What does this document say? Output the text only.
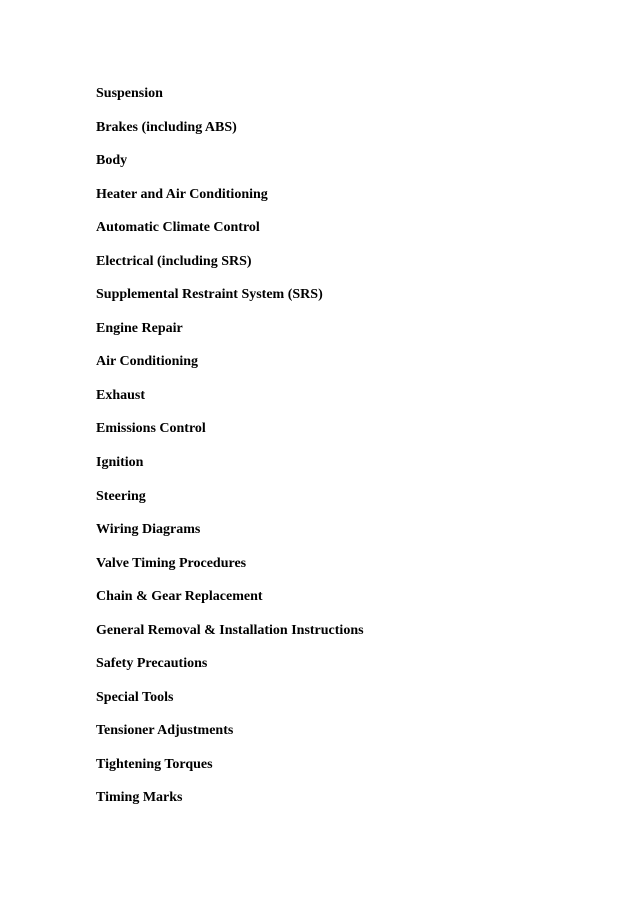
Suspension
Brakes (including ABS)
Body
Heater and Air Conditioning
Automatic Climate Control
Electrical (including SRS)
Supplemental Restraint System (SRS)
Engine Repair
Air Conditioning
Exhaust
Emissions Control
Ignition
Steering
Wiring Diagrams
Valve Timing Procedures
Chain & Gear Replacement
General Removal & Installation Instructions
Safety Precautions
Special Tools
Tensioner Adjustments
Tightening Torques
Timing Marks
